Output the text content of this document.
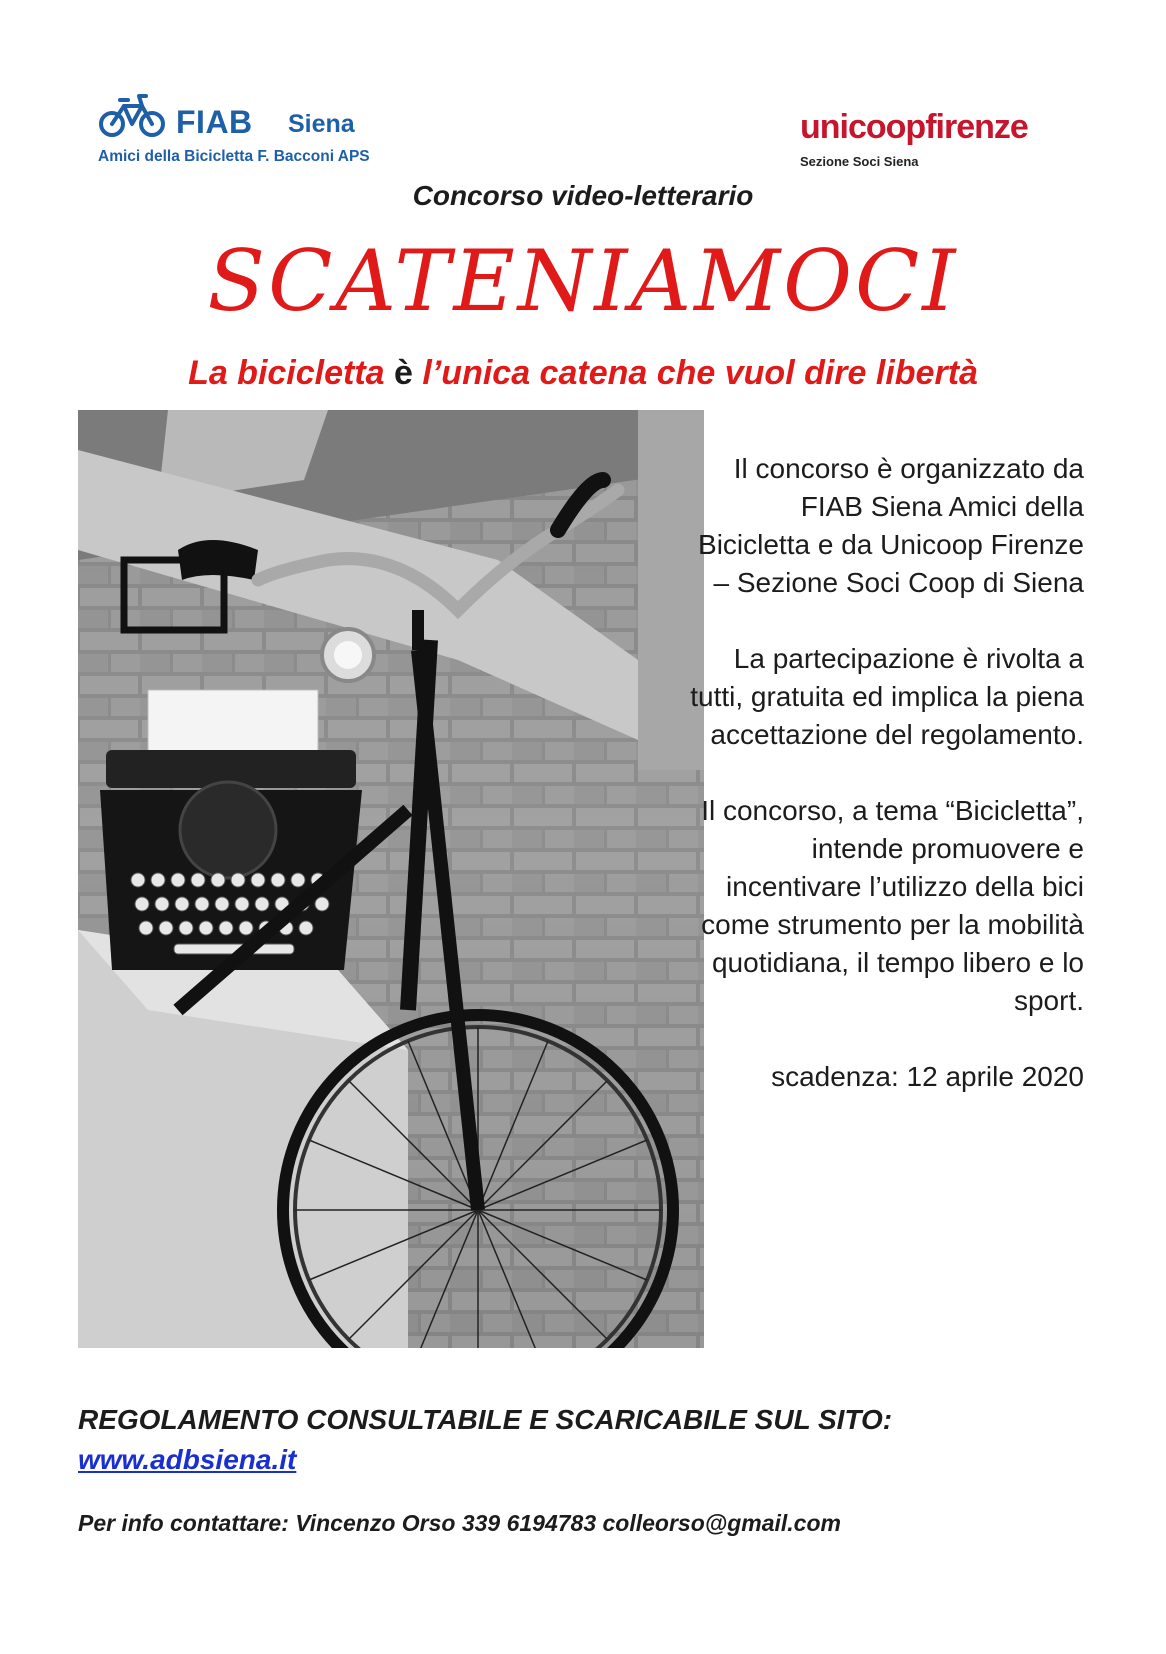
FIAB Siena
Amici della Bicicletta F. Bacconi APS
unicoopfirenze
Sezione Soci Siena
Concorso video-letterario
SCATENIAMOCI
La bicicletta è l’unica catena che vuol dire libertà

Il concorso è organizzato da FIAB Siena Amici della Bicicletta e da Unicoop Firenze – Sezione Soci Coop di Siena

La partecipazione è rivolta a tutti, gratuita ed implica la piena accettazione del regolamento.

Il concorso, a tema “Bicicletta”, intende promuovere e incentivare l’utilizzo della bici come strumento per la mobilità quotidiana, il tempo libero e lo sport.

scadenza: 12 aprile 2020

REGOLAMENTO CONSULTABILE E SCARICABILE SUL SITO:
www.adbsiena.it
Per info contattare: Vincenzo Orso 339 6194783 colleorso@gmail.com
